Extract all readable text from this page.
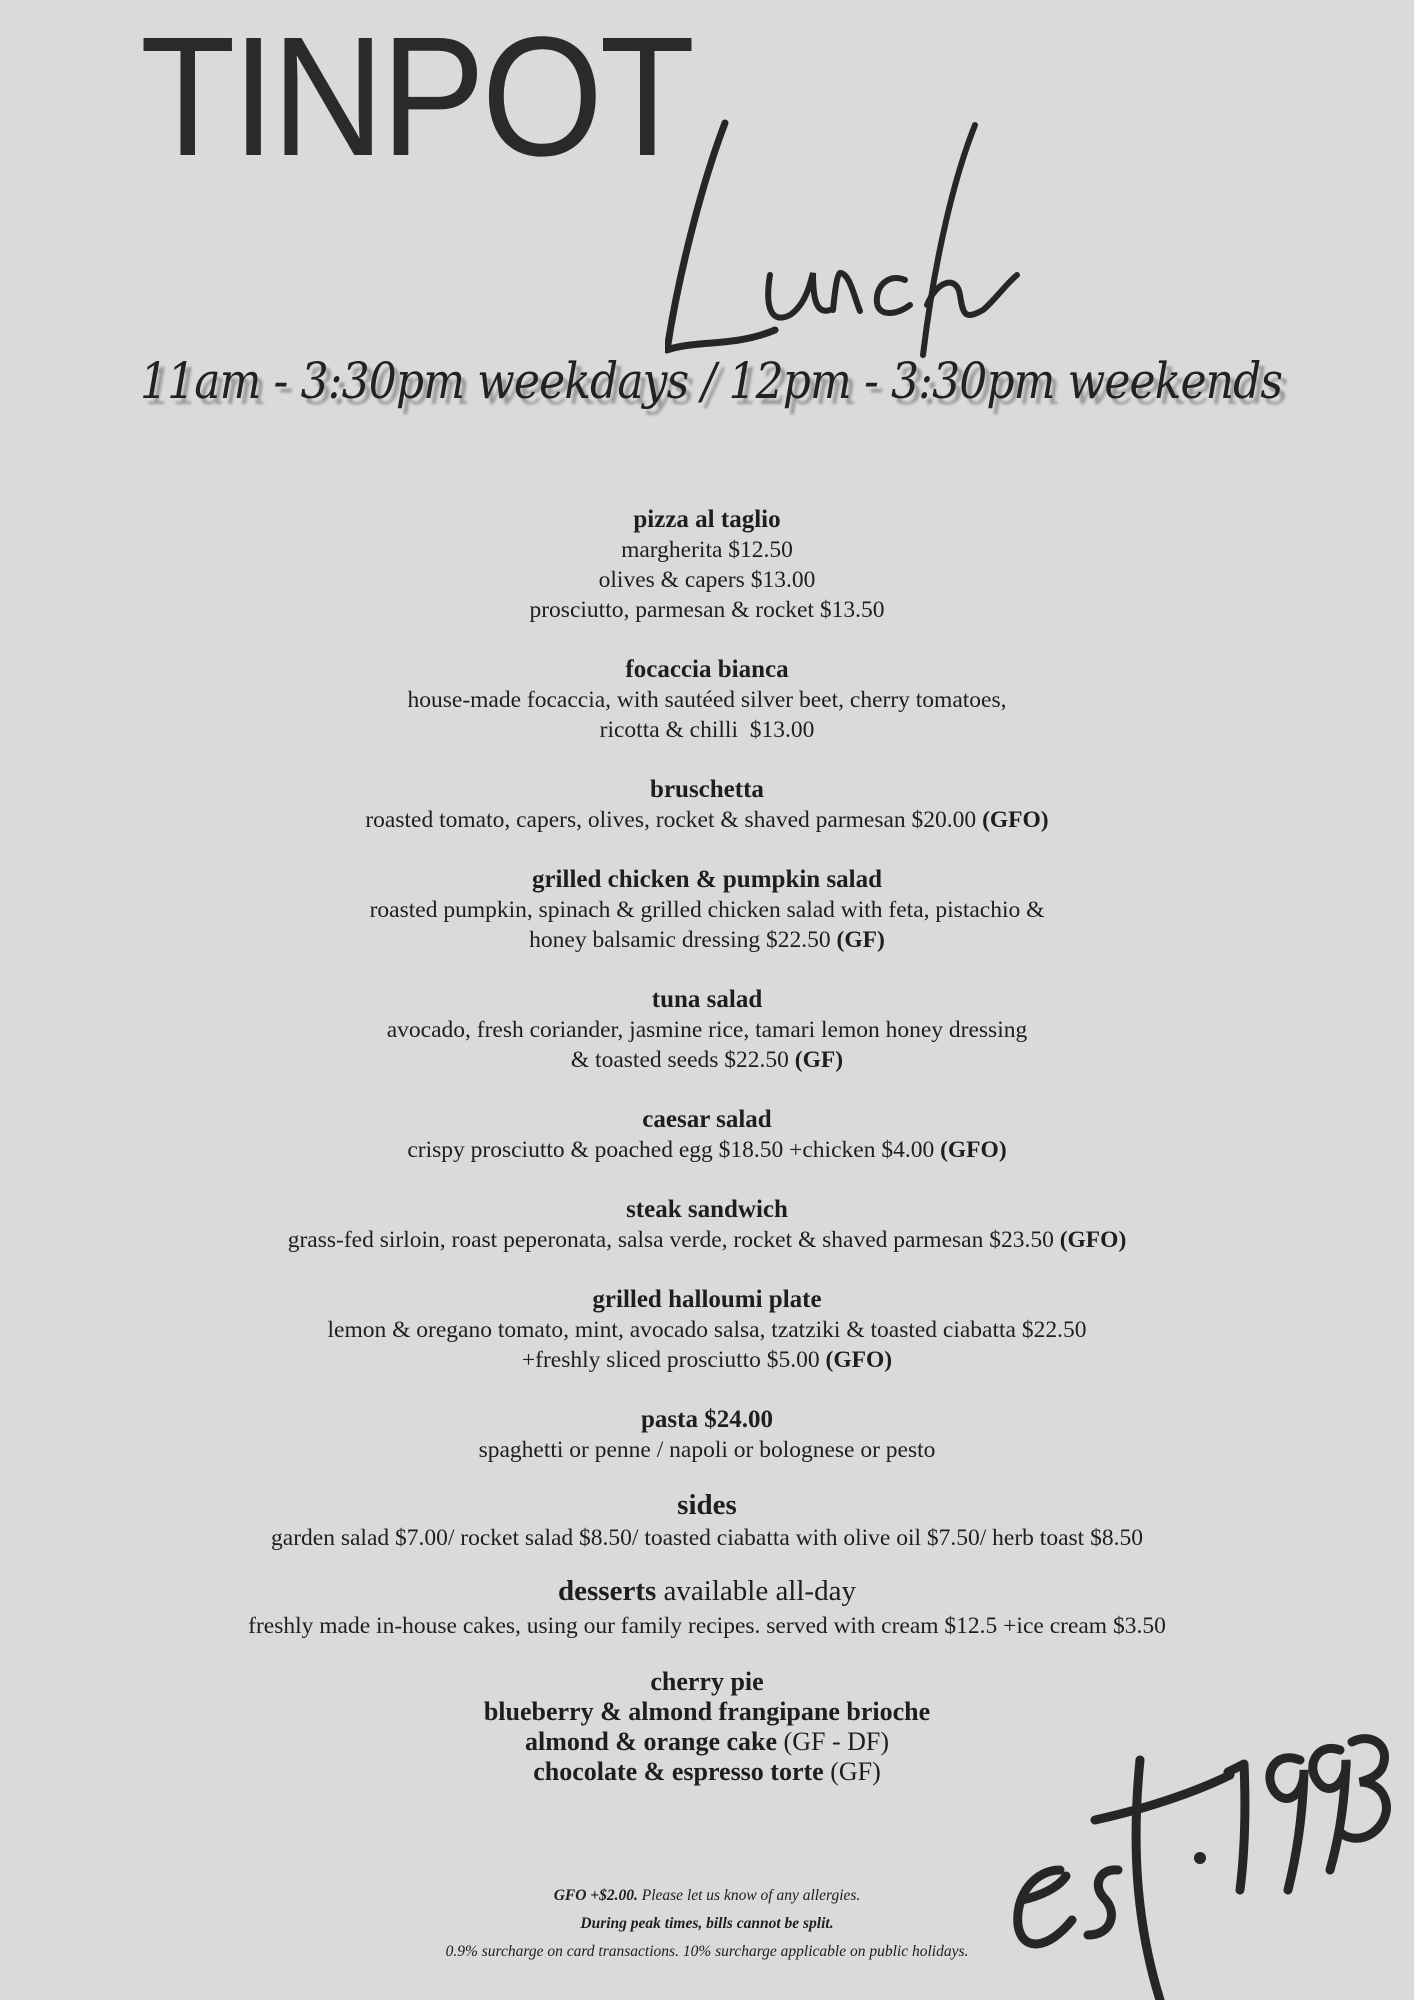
TINPOT
11am - 3:30pm weekdays / 12pm - 3:30pm weekends
pizza al taglio
margherita $12.50
olives & capers $13.00
prosciutto, parmesan & rocket $13.50
focaccia bianca
house-made focaccia, with sautéed silver beet, cherry tomatoes,
ricotta & chilli  $13.00
bruschetta
roasted tomato, capers, olives, rocket & shaved parmesan $20.00 (GFO)
grilled chicken & pumpkin salad
roasted pumpkin, spinach & grilled chicken salad with feta, pistachio &
honey balsamic dressing $22.50 (GF)
tuna salad
avocado, fresh coriander, jasmine rice, tamari lemon honey dressing
& toasted seeds $22.50 (GF)
caesar salad
crispy prosciutto & poached egg $18.50 +chicken $4.00 (GFO)
steak sandwich
grass-fed sirloin, roast peperonata, salsa verde, rocket & shaved parmesan $23.50 (GFO)
grilled halloumi plate
lemon & oregano tomato, mint, avocado salsa, tzatziki & toasted ciabatta $22.50
+freshly sliced prosciutto $5.00 (GFO)
pasta $24.00
spaghetti or penne / napoli or bolognese or pesto
sides
garden salad $7.00/ rocket salad $8.50/ toasted ciabatta with olive oil $7.50/ herb toast $8.50
desserts available all-day
freshly made in-house cakes, using our family recipes. served with cream $12.5 +ice cream $3.50
cherry pie
blueberry & almond frangipane brioche
almond & orange cake (GF - DF)
chocolate & espresso torte (GF)
GFO +$2.00. Please let us know of any allergies.
During peak times, bills cannot be split.
0.9% surcharge on card transactions. 10% surcharge applicable on public holidays.
